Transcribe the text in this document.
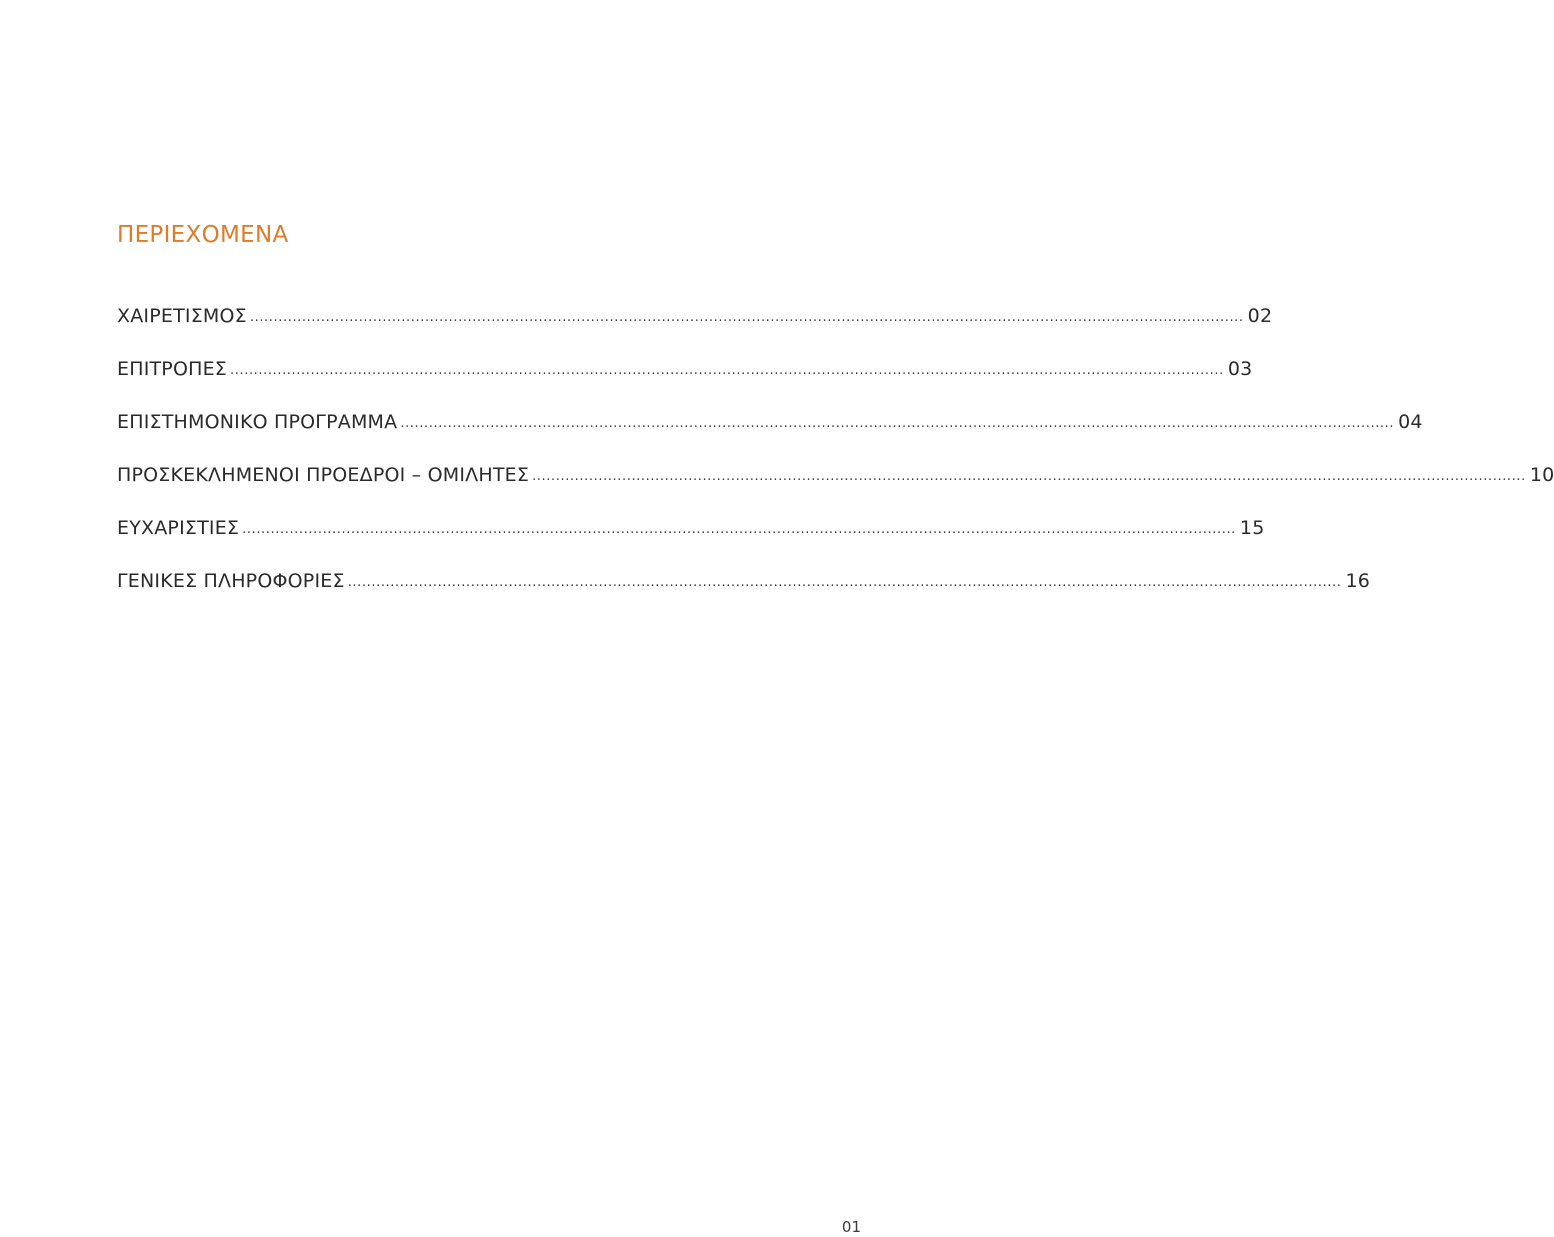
ΠΕΡΙΕΧΟΜΕΝΑ
ΧΑΙΡΕΤΙΣΜΟΣ .................................................................................................................................................................................................................. 02
ΕΠΙΤΡΟΠΕΣ .................................................................................................................................................................................................................. 03
ΕΠΙΣΤΗΜΟΝΙΚΟ ΠΡΟΓΡΑΜΜΑ .................................................................................................................................................................................................................. 04
ΠΡΟΣΚΕΚΛΗΜΕΝΟΙ ΠΡΟΕΔΡΟΙ – ΟΜΙΛΗΤΕΣ .................................................................................................................................................................................................................. 10
ΕΥΧΑΡΙΣΤΙΕΣ .................................................................................................................................................................................................................. 15
ΓΕΝΙΚΕΣ ΠΛΗΡΟΦΟΡΙΕΣ .................................................................................................................................................................................................................. 16
01
